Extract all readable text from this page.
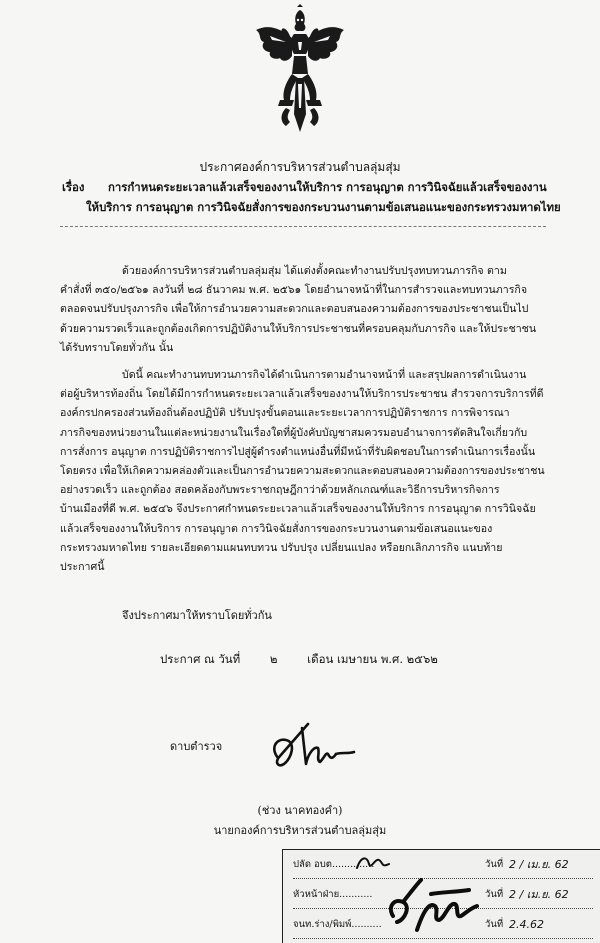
ประกาศองค์การบริหารส่วนตำบลลุ่มสุ่ม
เรื่อง การกำหนดระยะเวลาแล้วเสร็จของงานให้บริการ การอนุญาต การวินิจฉัยแล้วเสร็จของงาน
ให้บริการ การอนุญาต การวินิจฉัยสั่งการของกระบวนงานตามข้อเสนอแนะของกระทรวงมหาดไทย

ด้วยองค์การบริหารส่วนตำบลลุ่มสุ่ม ได้แต่งตั้งคณะทำงานปรับปรุงทบทวนภารกิจ ตาม
คำสั่งที่ ๓๕๐/๒๕๖๑ ลงวันที่ ๒๘ ธันวาคม พ.ศ. ๒๕๖๑ โดยอำนาจหน้าที่ในการสำรวจและทบทวนภารกิจ
ตลอดจนปรับปรุงภารกิจ เพื่อให้การอำนวยความสะดวกและตอบสนองความต้องการของประชาชนเป็นไป
ด้วยความรวดเร็วและถูกต้องเกิดการปฏิบัติงานให้บริการประชาชนที่ครอบคลุมกับภารกิจ และให้ประชาชน
ได้รับทราบโดยทั่วกัน นั้น

บัดนี้ คณะทำงานทบทวนภารกิจได้ดำเนินการตามอำนาจหน้าที่ และสรุปผลการดำเนินงาน
ต่อผู้บริหารท้องถิ่น โดยได้มีการกำหนดระยะเวลาแล้วเสร็จของงานให้บริการประชาชน สำรวจการบริการที่ดี
องค์กรปกครองส่วนท้องถิ่นต้องปฏิบัติ ปรับปรุงขั้นตอนและระยะเวลาการปฏิบัติราชการ การพิจารณา
ภารกิจของหน่วยงานในแต่ละหน่วยงานในเรื่องใดที่ผู้บังคับบัญชาสมควรมอบอำนาจการตัดสินใจเกี่ยวกับ
การสั่งการ อนุญาต การปฏิบัติราชการไปสู่ผู้ดำรงตำแหน่งอื่นที่มีหน้าที่รับผิดชอบในการดำเนินการเรื่องนั้น
โดยตรง เพื่อให้เกิดความคล่องตัวและเป็นการอำนวยความสะดวกและตอบสนองความต้องการของประชาชน
อย่างรวดเร็ว และถูกต้อง สอดคล้องกับพระราชกฤษฎีกาว่าด้วยหลักเกณฑ์และวิธีการบริหารกิจการ
บ้านเมืองที่ดี พ.ศ. ๒๕๔๖ จึงประกาศกำหนดระยะเวลาแล้วเสร็จของงานให้บริการ การอนุญาต การวินิจฉัย
แล้วเสร็จของงานให้บริการ การอนุญาต การวินิจฉัยสั่งการของกระบวนงานตามข้อเสนอแนะของ
กระทรวงมหาดไทย รายละเอียดตามแผนทบทวน ปรับปรุง เปลี่ยนแปลง หรือยกเลิกภารกิจ แนบท้าย
ประกาศนี้

จึงประกาศมาให้ทราบโดยทั่วกัน
ประกาศ ณ วันที่	๒	เดือน เมษายน พ.ศ. ๒๕๖๒
ดาบตำรวจ
(ช่วง นาคทองคำ)
นายกองค์การบริหารส่วนตำบลลุ่มสุ่ม
ปลัด อบต..............	วันที่ 2 / เม.ย. 62
หัวหน้าฝ่าย...........	วันที่ 2 / เม.ย. 62
จนท.ร่าง/พิมพ์..........	วันที่ 2.4.62
